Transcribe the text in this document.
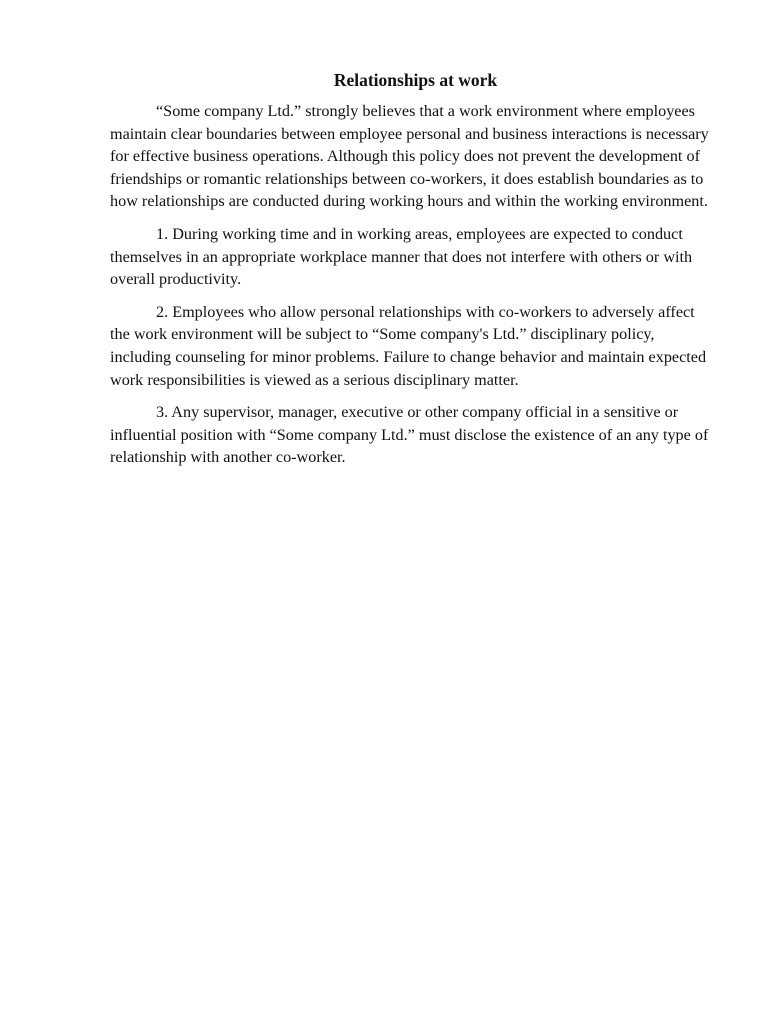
Relationships at work

“Some company Ltd.” strongly believes that a work environment where employees maintain clear boundaries between employee personal and business interactions is necessary for effective business operations. Although this policy does not prevent the development of friendships or romantic relationships between co-workers, it does establish boundaries as to how relationships are conducted during working hours and within the working environment.

1. During working time and in working areas, employees are expected to conduct themselves in an appropriate workplace manner that does not interfere with others or with overall productivity.

2. Employees who allow personal relationships with co-workers to adversely affect the work environment will be subject to “Some company's Ltd.” disciplinary policy, including counseling for minor problems. Failure to change behavior and maintain expected work responsibilities is viewed as a serious disciplinary matter.

3. Any supervisor, manager, executive or other company official in a sensitive or influential position with “Some company Ltd.” must disclose the existence of an any type of relationship with another co-worker.
